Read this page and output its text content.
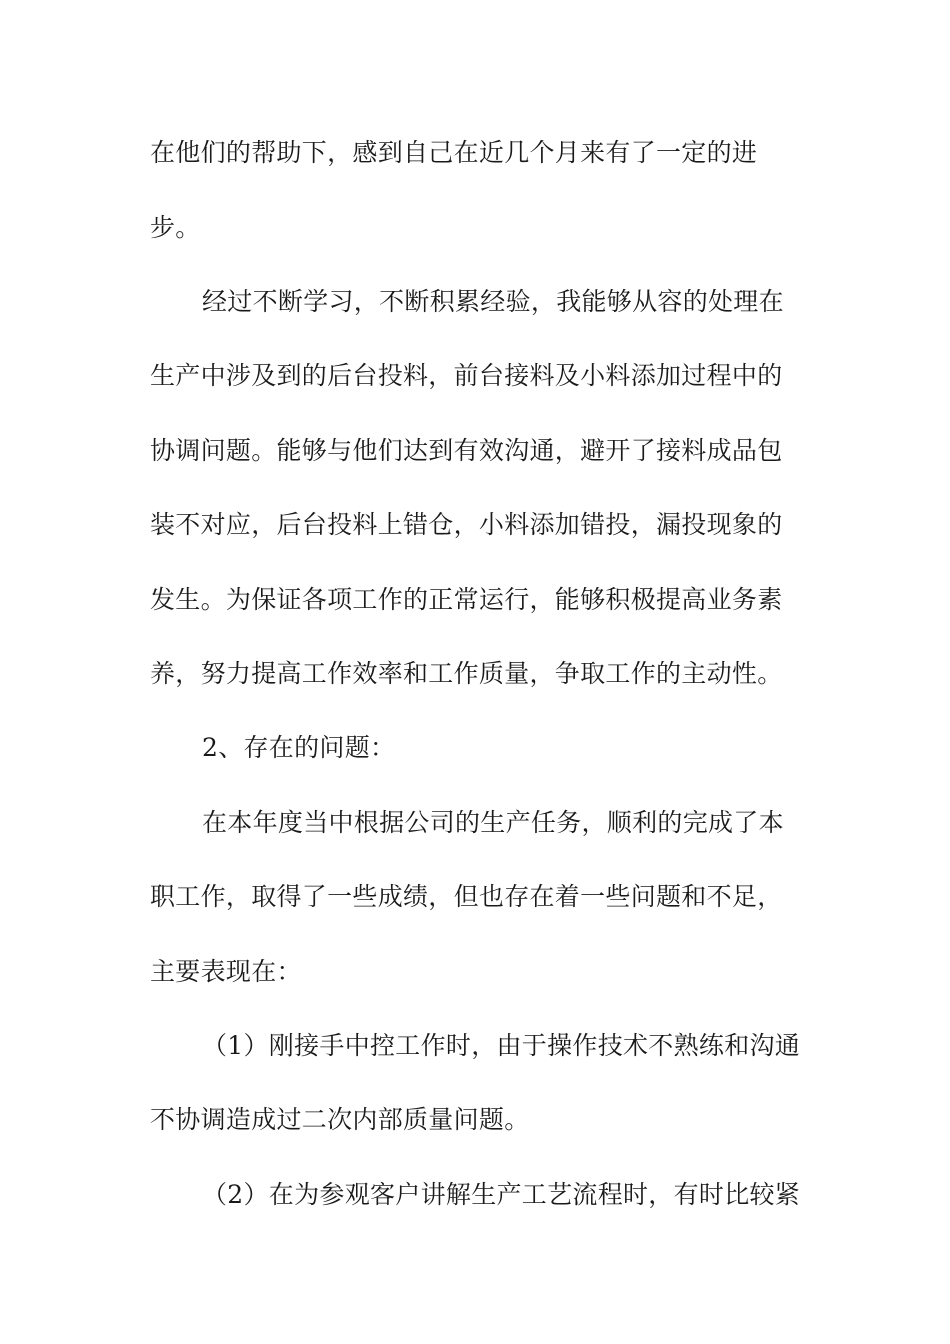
在他们的帮助下，感到自己在近几个月来有了一定的进
步。
经过不断学习，不断积累经验，我能够从容的处理在
生产中涉及到的后台投料，前台接料及小料添加过程中的
协调问题。能够与他们达到有效沟通，避开了接料成品包
装不对应，后台投料上错仓，小料添加错投，漏投现象的
发生。为保证各项工作的正常运行，能够积极提高业务素
养，努力提高工作效率和工作质量，争取工作的主动性。
2、存在的问题：
在本年度当中根据公司的生产任务，顺利的完成了本
职工作，取得了一些成绩，但也存在着一些问题和不足，
主要表现在：
（1）刚接手中控工作时，由于操作技术不熟练和沟通
不协调造成过二次内部质量问题。
（2）在为参观客户讲解生产工艺流程时，有时比较紧
